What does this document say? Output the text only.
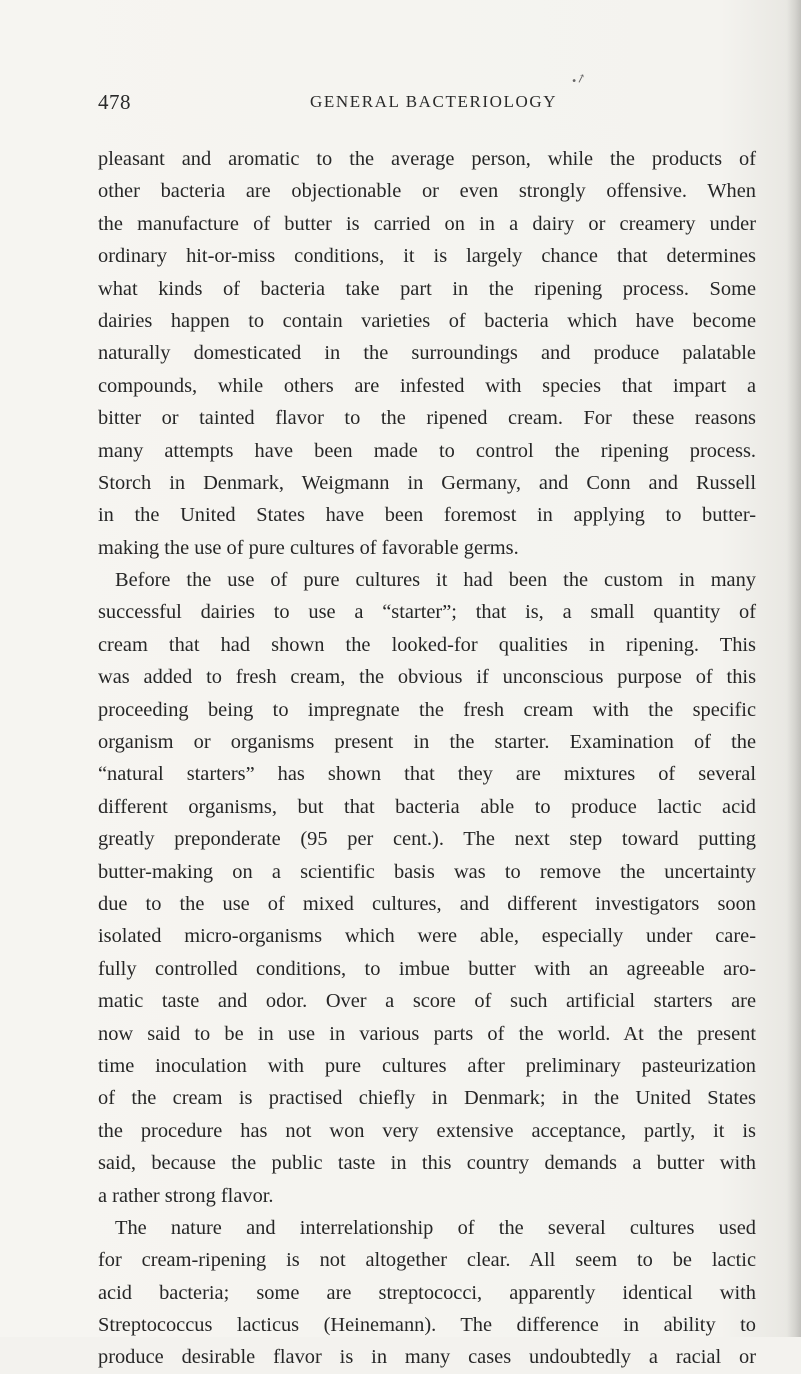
•↗
478	GENERAL BACTERIOLOGY
pleasant and aromatic to the average person, while the products of
other bacteria are objectionable or even strongly offensive. When
the manufacture of butter is carried on in a dairy or creamery under
ordinary hit-or-miss conditions, it is largely chance that determines
what kinds of bacteria take part in the ripening process. Some
dairies happen to contain varieties of bacteria which have become
naturally domesticated in the surroundings and produce palatable
compounds, while others are infested with species that impart a
bitter or tainted flavor to the ripened cream. For these reasons
many attempts have been made to control the ripening process.
Storch in Denmark, Weigmann in Germany, and Conn and Russell
in the United States have been foremost in applying to butter-
making the use of pure cultures of favorable germs.
Before the use of pure cultures it had been the custom in many
successful dairies to use a “starter”; that is, a small quantity of
cream that had shown the looked-for qualities in ripening. This
was added to fresh cream, the obvious if unconscious purpose of this
proceeding being to impregnate the fresh cream with the specific
organism or organisms present in the starter. Examination of the
“natural starters” has shown that they are mixtures of several
different organisms, but that bacteria able to produce lactic acid
greatly preponderate (95 per cent.). The next step toward putting
butter-making on a scientific basis was to remove the uncertainty
due to the use of mixed cultures, and different investigators soon
isolated micro-organisms which were able, especially under care-
fully controlled conditions, to imbue butter with an agreeable aro-
matic taste and odor. Over a score of such artificial starters are
now said to be in use in various parts of the world. At the present
time inoculation with pure cultures after preliminary pasteurization
of the cream is practised chiefly in Denmark; in the United States
the procedure has not won very extensive acceptance, partly, it is
said, because the public taste in this country demands a butter with
a rather strong flavor.
The nature and interrelationship of the several cultures used
for cream-ripening is not altogether clear. All seem to be lactic
acid bacteria; some are streptococci, apparently identical with
Streptococcus lacticus (Heinemann). The difference in ability to
produce desirable flavor is in many cases undoubtedly a racial or
